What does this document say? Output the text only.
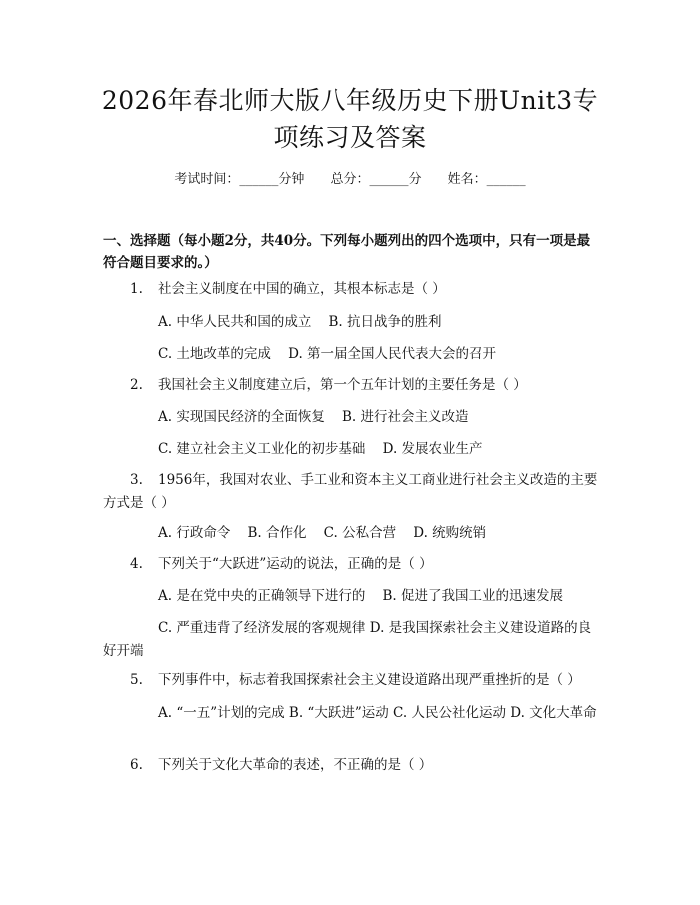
2026年春北师大版八年级历史下册Unit3专项练习及答案
考试时间：______分钟 总分：______分 姓名：______
一、选择题（每小题2分，共40分。下列每小题列出的四个选项中，只有一项是最符合题目要求的。）
1. 社会主义制度在中国的确立，其根本标志是（ ）
A. 中华人民共和国的成立    B. 抗日战争的胜利
C. 土地改革的完成    D. 第一届全国人民代表大会的召开
2. 我国社会主义制度建立后，第一个五年计划的主要任务是（ ）
A. 实现国民经济的全面恢复    B. 进行社会主义改造
C. 建立社会主义工业化的初步基础    D. 发展农业生产
3. 1956年，我国对农业、手工业和资本主义工商业进行社会主义改造的主要方式是（ ）
A. 行政命令    B. 合作化    C. 公私合营    D. 统购统销
4. 下列关于“大跃进”运动的说法，正确的是（ ）
A. 是在党中央的正确领导下进行的    B. 促进了我国工业的迅速发展
C. 严重违背了经济发展的客观规律 D. 是我国探索社会主义建设道路的良好开端
5. 下列事件中，标志着我国探索社会主义建设道路出现严重挫折的是（ ）
A. “一五”计划的完成 B. “大跃进”运动 C. 人民公社化运动 D. 文化大革命
6. 下列关于文化大革命的表述，不正确的是（ ）
